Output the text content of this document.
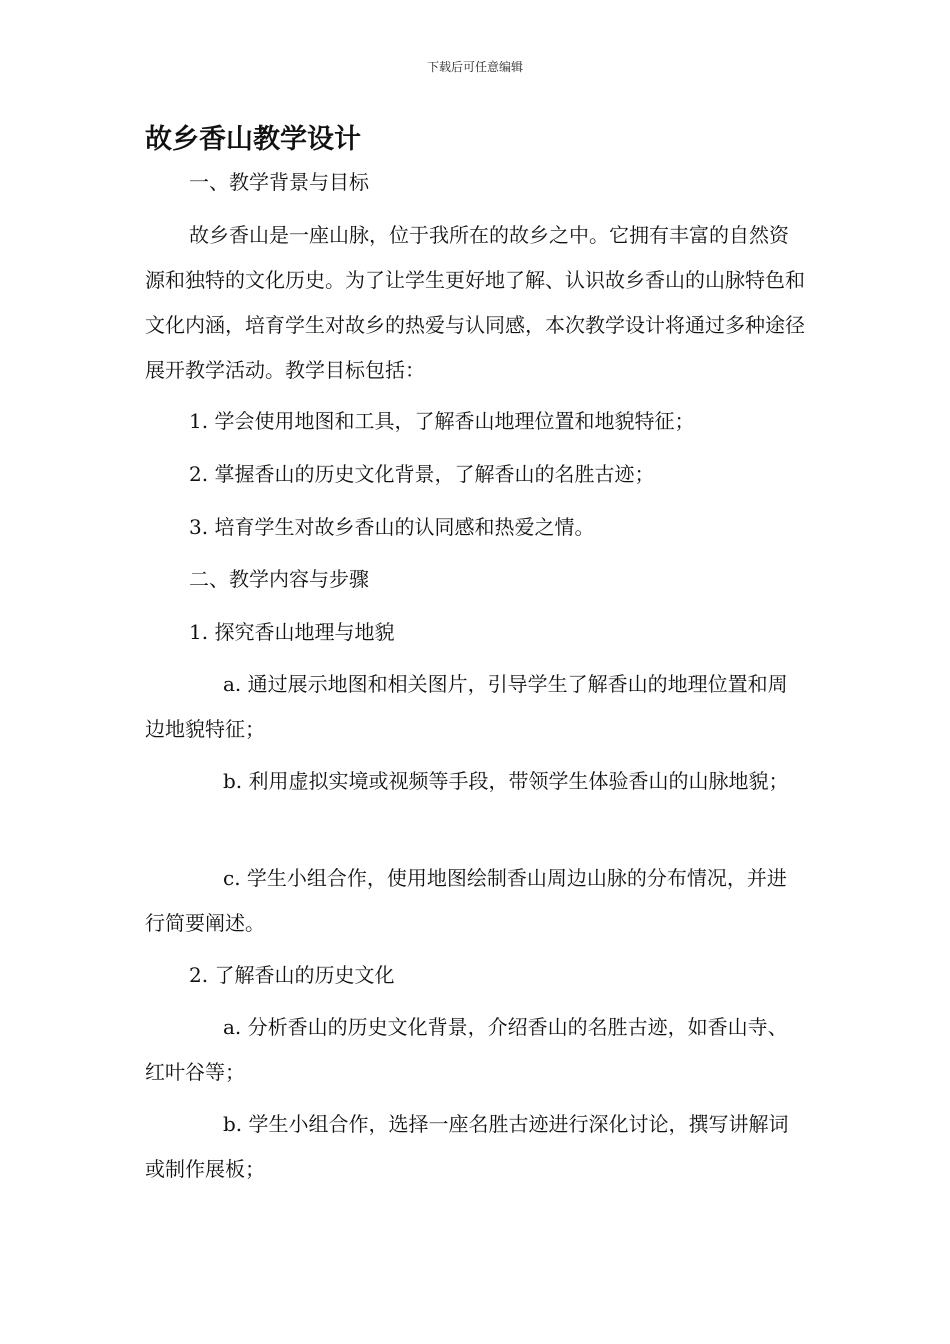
下载后可任意编辑
故乡香山教学设计

一、教学背景与目标

故乡香山是一座山脉，位于我所在的故乡之中。它拥有丰富的自然资源和独特的文化历史。为了让学生更好地了解、认识故乡香山的山脉特色和文化内涵，培育学生对故乡的热爱与认同感，本次教学设计将通过多种途径展开教学活动。教学目标包括：

1. 学会使用地图和工具，了解香山地理位置和地貌特征；

2. 掌握香山的历史文化背景，了解香山的名胜古迹；

3. 培育学生对故乡香山的认同感和热爱之情。

二、教学内容与步骤

1. 探究香山地理与地貌

a. 通过展示地图和相关图片，引导学生了解香山的地理位置和周边地貌特征；

b. 利用虚拟实境或视频等手段，带领学生体验香山的山脉地貌；

c. 学生小组合作，使用地图绘制香山周边山脉的分布情况，并进行简要阐述。

2. 了解香山的历史文化

a. 分析香山的历史文化背景，介绍香山的名胜古迹，如香山寺、红叶谷等；

b. 学生小组合作，选择一座名胜古迹进行深化讨论，撰写讲解词或制作展板；
